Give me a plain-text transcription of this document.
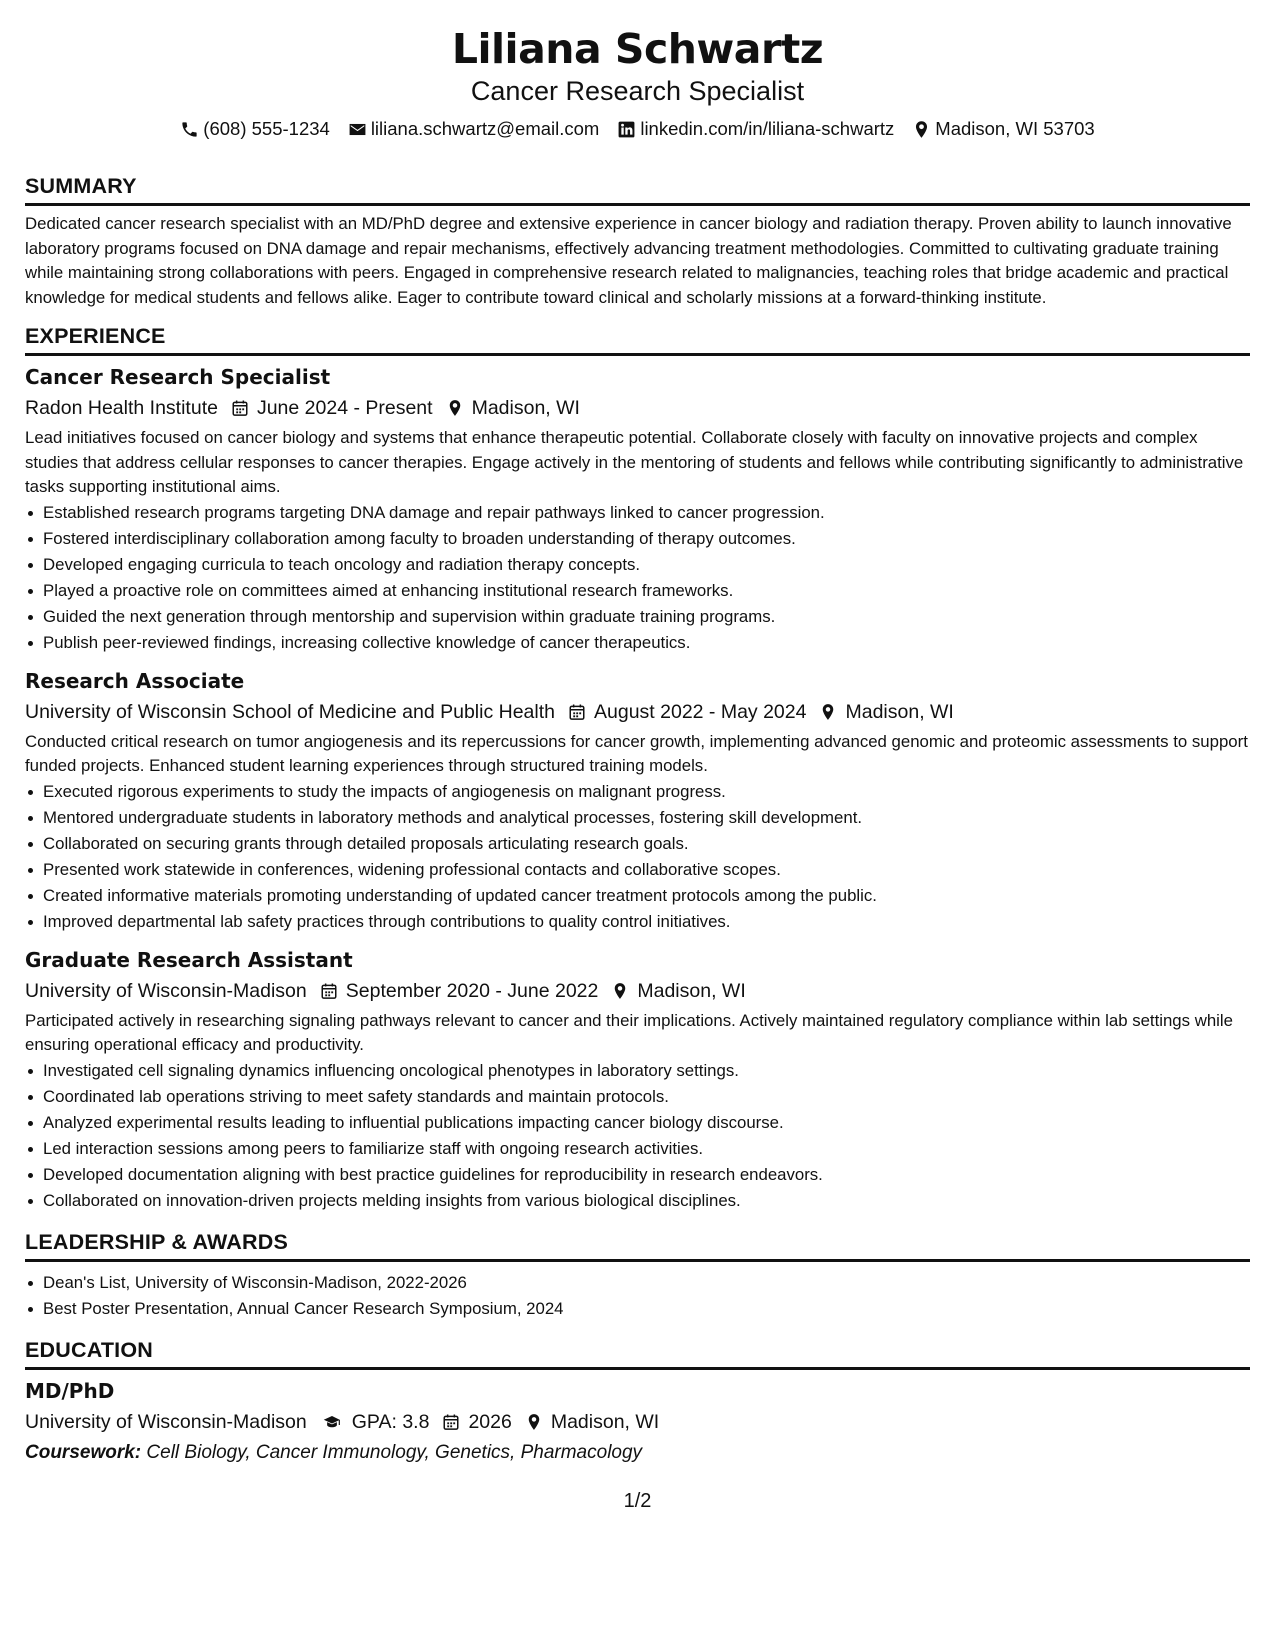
Liliana Schwartz
Cancer Research Specialist
(608) 555-1234 liliana.schwartz@email.com linkedin.com/in/liliana-schwartz Madison, WI 53703
SUMMARY

Dedicated cancer research specialist with an MD/PhD degree and extensive experience in cancer biology and radiation therapy. Proven ability to launch innovative laboratory programs focused on DNA damage and repair mechanisms, effectively advancing treatment methodologies. Committed to cultivating graduate training while maintaining strong collaborations with peers. Engaged in comprehensive research related to malignancies, teaching roles that bridge academic and practical knowledge for medical students and fellows alike. Eager to contribute toward clinical and scholarly missions at a forward-thinking institute.

EXPERIENCE
Cancer Research Specialist
Radon Health Institute June 2024 - Present Madison, WI

Lead initiatives focused on cancer biology and systems that enhance therapeutic potential. Collaborate closely with faculty on innovative projects and complex studies that address cellular responses to cancer therapies. Engage actively in the mentoring of students and fellows while contributing significantly to administrative tasks supporting institutional aims.

Established research programs targeting DNA damage and repair pathways linked to cancer progression.
Fostered interdisciplinary collaboration among faculty to broaden understanding of therapy outcomes.
Developed engaging curricula to teach oncology and radiation therapy concepts.
Played a proactive role on committees aimed at enhancing institutional research frameworks.
Guided the next generation through mentorship and supervision within graduate training programs.
Publish peer-reviewed findings, increasing collective knowledge of cancer therapeutics.
Research Associate
University of Wisconsin School of Medicine and Public Health August 2022 - May 2024 Madison, WI

Conducted critical research on tumor angiogenesis and its repercussions for cancer growth, implementing advanced genomic and proteomic assessments to support funded projects. Enhanced student learning experiences through structured training models.

Executed rigorous experiments to study the impacts of angiogenesis on malignant progress.
Mentored undergraduate students in laboratory methods and analytical processes, fostering skill development.
Collaborated on securing grants through detailed proposals articulating research goals.
Presented work statewide in conferences, widening professional contacts and collaborative scopes.
Created informative materials promoting understanding of updated cancer treatment protocols among the public.
Improved departmental lab safety practices through contributions to quality control initiatives.
Graduate Research Assistant
University of Wisconsin-Madison September 2020 - June 2022 Madison, WI

Participated actively in researching signaling pathways relevant to cancer and their implications. Actively maintained regulatory compliance within lab settings while ensuring operational efficacy and productivity.

Investigated cell signaling dynamics influencing oncological phenotypes in laboratory settings.
Coordinated lab operations striving to meet safety standards and maintain protocols.
Analyzed experimental results leading to influential publications impacting cancer biology discourse.
Led interaction sessions among peers to familiarize staff with ongoing research activities.
Developed documentation aligning with best practice guidelines for reproducibility in research endeavors.
Collaborated on innovation-driven projects melding insights from various biological disciplines.
LEADERSHIP & AWARDS
Dean's List, University of Wisconsin-Madison, 2022-2026
Best Poster Presentation, Annual Cancer Research Symposium, 2024
EDUCATION
MD/PhD
University of Wisconsin-Madison GPA: 3.8 2026 Madison, WI
Coursework: Cell Biology, Cancer Immunology, Genetics, Pharmacology
1/2
